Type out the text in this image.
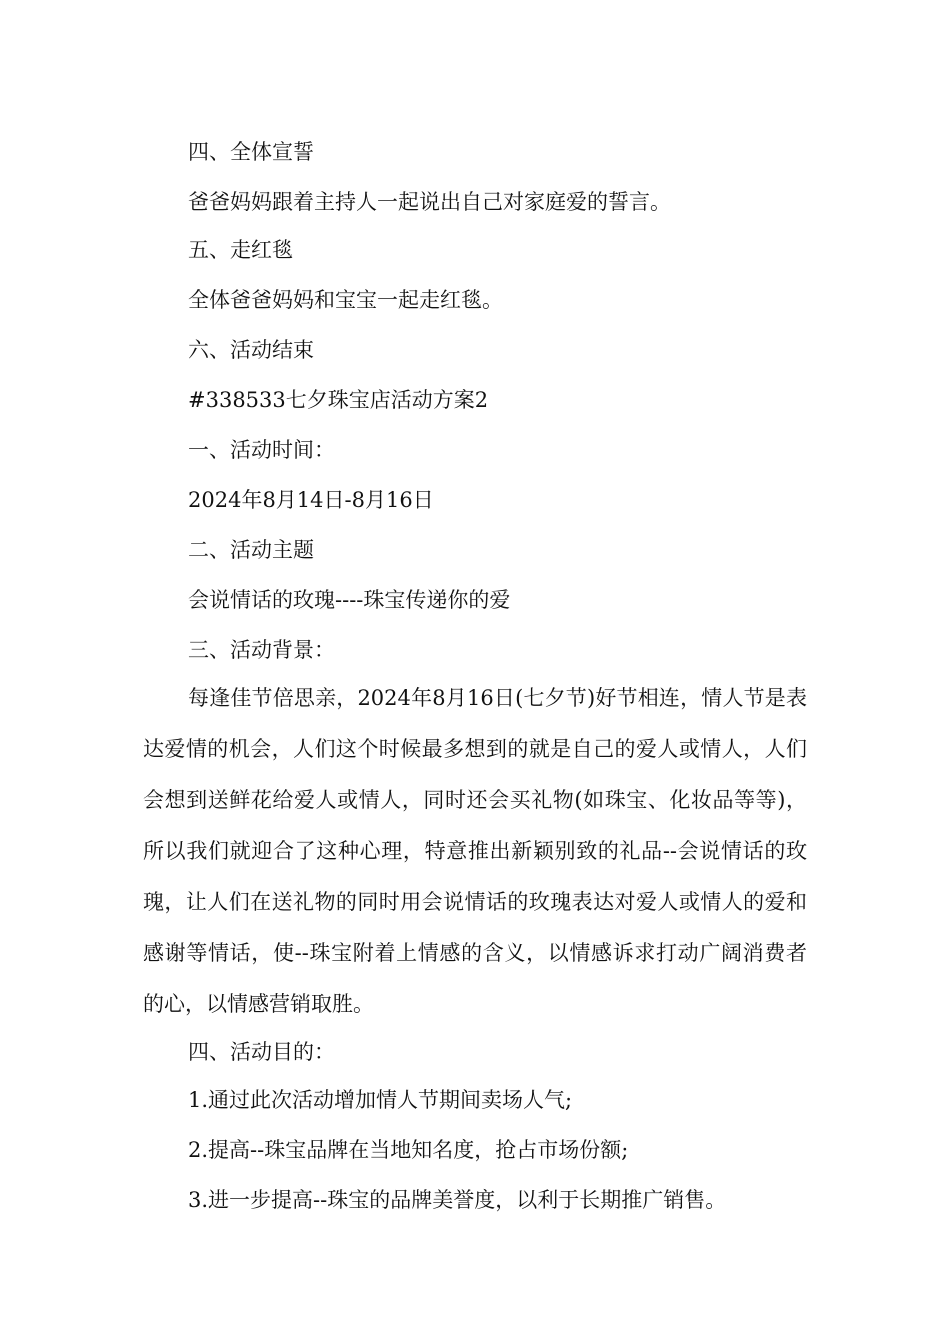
四、全体宣誓
爸爸妈妈跟着主持人一起说出自己对家庭爱的誓言。
五、走红毯
全体爸爸妈妈和宝宝一起走红毯。
六、活动结束
#338533七夕珠宝店活动方案2
一、活动时间：
2024年8月14日-8月16日
二、活动主题
会说情话的玫瑰----珠宝传递你的爱
三、活动背景：
每逢佳节倍思亲，2024年8月16日(七夕节)好节相连，情人节是表达爱情的机会，人们这个时候最多想到的就是自己的爱人或情人，人们会想到送鲜花给爱人或情人，同时还会买礼物(如珠宝、化妆品等等)，所以我们就迎合了这种心理，特意推出新颖别致的礼品--会说情话的玫瑰，让人们在送礼物的同时用会说情话的玫瑰表达对爱人或情人的爱和感谢等情话，使--珠宝附着上情感的含义，以情感诉求打动广阔消费者的心，以情感营销取胜。
四、活动目的：
1.通过此次活动增加情人节期间卖场人气;
2.提高--珠宝品牌在当地知名度，抢占市场份额;
3.进一步提高--珠宝的品牌美誉度，以利于长期推广销售。
